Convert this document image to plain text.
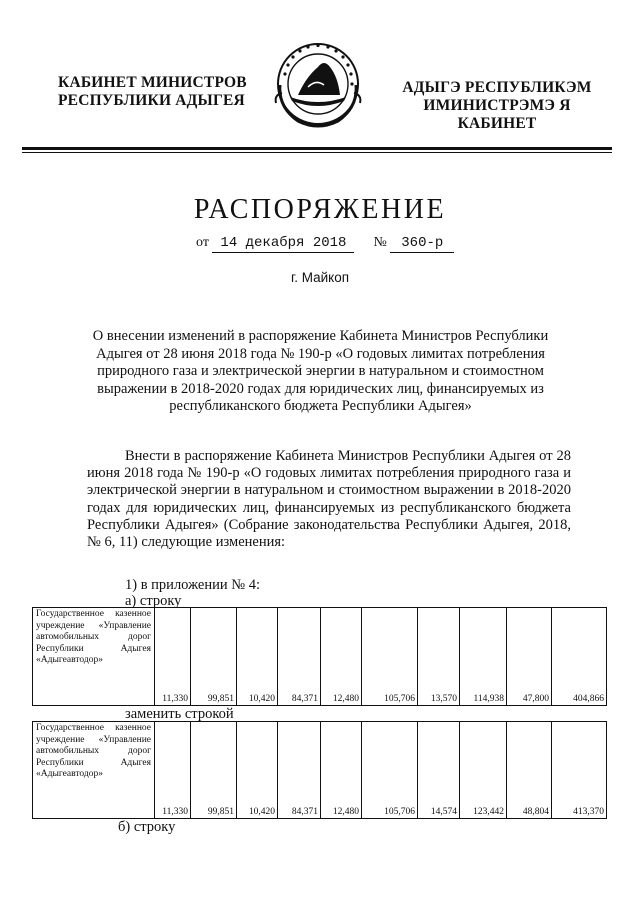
КАБИНЕТ МИНИСТРОВ
РЕСПУБЛИКИ АДЫГЕЯ
АДЫГЭ РЕСПУБЛИКЭМ
ИМИНИСТРЭМЭ Я КАБИНЕТ
РАСПОРЯЖЕНИЕ
от 14 декабря 2018 № 360-р
г. Майкоп
О внесении изменений в распоряжение Кабинета Министров Республики Адыгея от 28 июня 2018 года № 190-р «О годовых лимитах потребления природного газа и электрической энергии в натуральном и стоимостном выражении в 2018-2020 годах для юридических лиц, финансируемых из республиканского бюджета Республики Адыгея»
Внести в распоряжение Кабинета Министров Республики Адыгея от 28 июня 2018 года № 190-р «О годовых лимитах потребления природного газа и электрической энергии в натуральном и стоимостном выражении в 2018-2020 годах для юридических лиц, финансируемых из республиканского бюджета Республики Адыгея» (Собрание законодательства Республики Адыгея, 2018, № 6, 11) следующие изменения:
1) в приложении № 4:
а) строку
Государственное казенное учреждение «Управление автомобильных дорог Республики Адыгея «Адыгеавтодор»	11,330	99,851	10,420	84,371	12,480	105,706	13,570	114,938	47,800	404,866
заменить строкой
Государственное казенное учреждение «Управление автомобильных дорог Республики Адыгея «Адыгеавтодор»	11,330	99,851	10,420	84,371	12,480	105,706	14,574	123,442	48,804	413,370
б) строку
